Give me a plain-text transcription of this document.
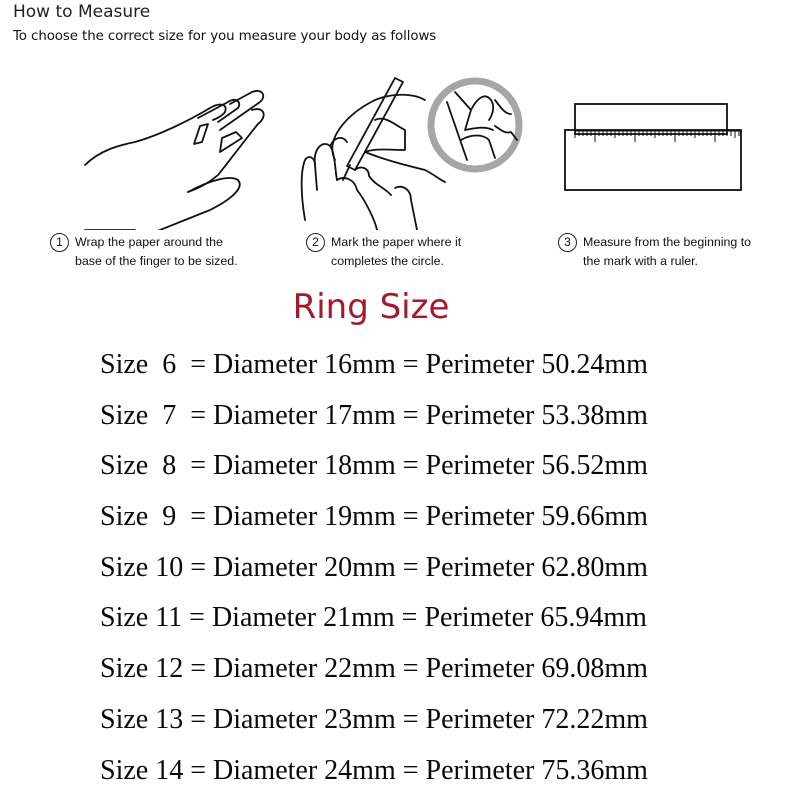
How to Measure
To choose the correct size for you measure your body as follows
1 Wrap the paper around the
base of the finger to be sized.
2 Mark the paper where it
completes the circle.
3 Measure from the beginning to
the mark with a ruler.
Ring Size
Size  6  = Diameter 16mm = Perimeter 50.24mm
Size  7  = Diameter 17mm = Perimeter 53.38mm
Size  8  = Diameter 18mm = Perimeter 56.52mm
Size  9  = Diameter 19mm = Perimeter 59.66mm
Size 10 = Diameter 20mm = Perimeter 62.80mm
Size 11 = Diameter 21mm = Perimeter 65.94mm
Size 12 = Diameter 22mm = Perimeter 69.08mm
Size 13 = Diameter 23mm = Perimeter 72.22mm
Size 14 = Diameter 24mm = Perimeter 75.36mm
